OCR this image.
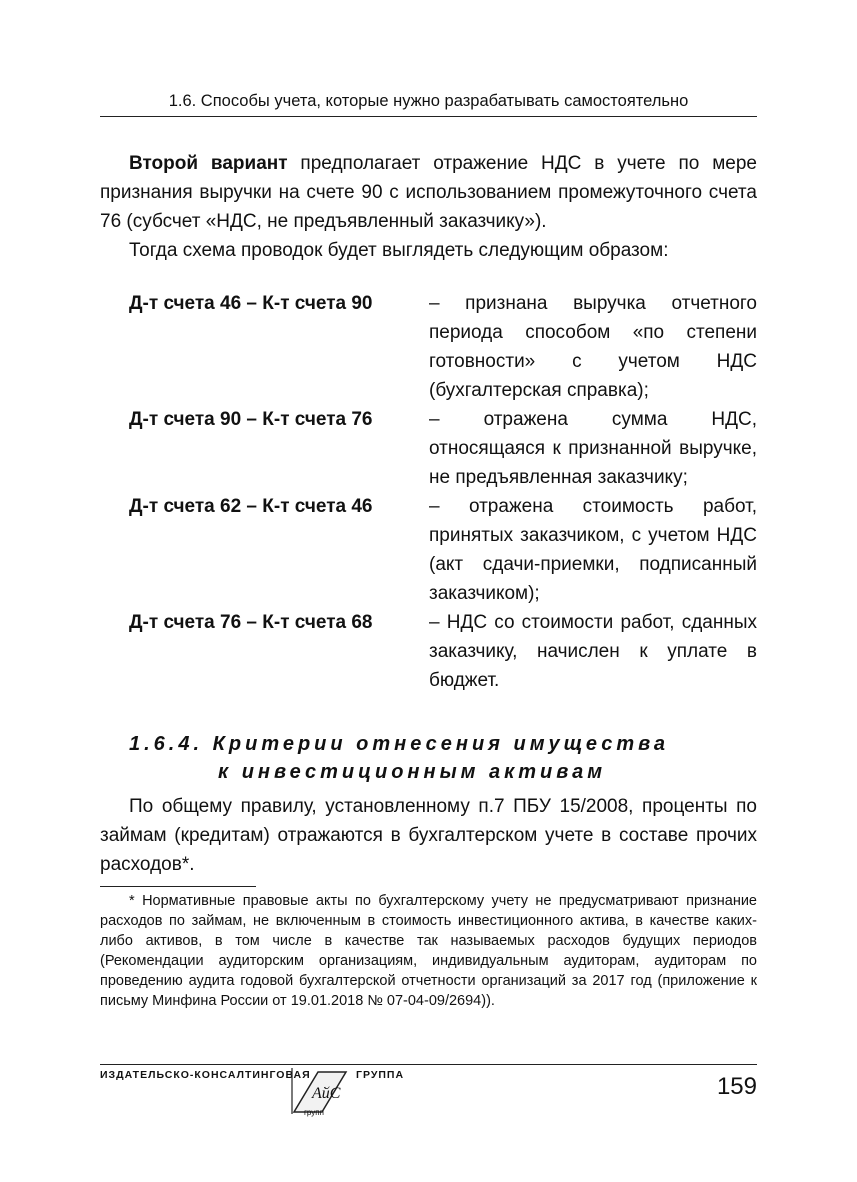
1.6. Способы учета, которые нужно разрабатывать самостоятельно

Второй вариант предполагает отражение НДС в учете по мере признания выручки на счете 90 с использованием промежуточного счета 76 (субсчет «НДС, не предъявленный заказчику»).

Тогда схема проводок будет выглядеть следующим образом:

Д-т счета 46 – К-т счета 90	– признана выручка отчетного периода способом «по степени готовности» с учетом НДС (бухгалтерская справка);
Д-т счета 90 – К-т счета 76	– отражена сумма НДС, относящаяся к признанной выручке, не предъявленная заказчику;
Д-т счета 62 – К-т счета 46	– отражена стоимость работ, принятых заказчиком, с учетом НДС (акт сдачи-приемки, подписанный заказчиком);
Д-т счета 76 – К-т счета 68	– НДС со стоимости работ, сданных заказчику, начислен к уплате в бюджет.
1.6.4. Критерии отнесения имущества
к инвестиционным активам

По общему правилу, установленному п.7 ПБУ 15/2008, проценты по займам (кредитам) отражаются в бухгалтерском учете в составе прочих расходов*.

* Нормативные правовые акты по бухгалтерскому учету не предусматривают признание расходов по займам, не включенным в стоимость инвестиционного актива, в качестве каких-либо активов, в том числе в качестве так называемых расходов будущих периодов (Рекомендации аудиторским организациям, индивидуальным аудиторам, аудиторам по проведению аудита годовой бухгалтерской отчетности организаций за 2017 год (приложение к письму Минфина России от 19.01.2018 № 07-04-09/2694)).

ИЗДАТЕЛЬСКО-КОНСАЛТИНГОВАЯ	ГРУППА
АйС
групп
159
